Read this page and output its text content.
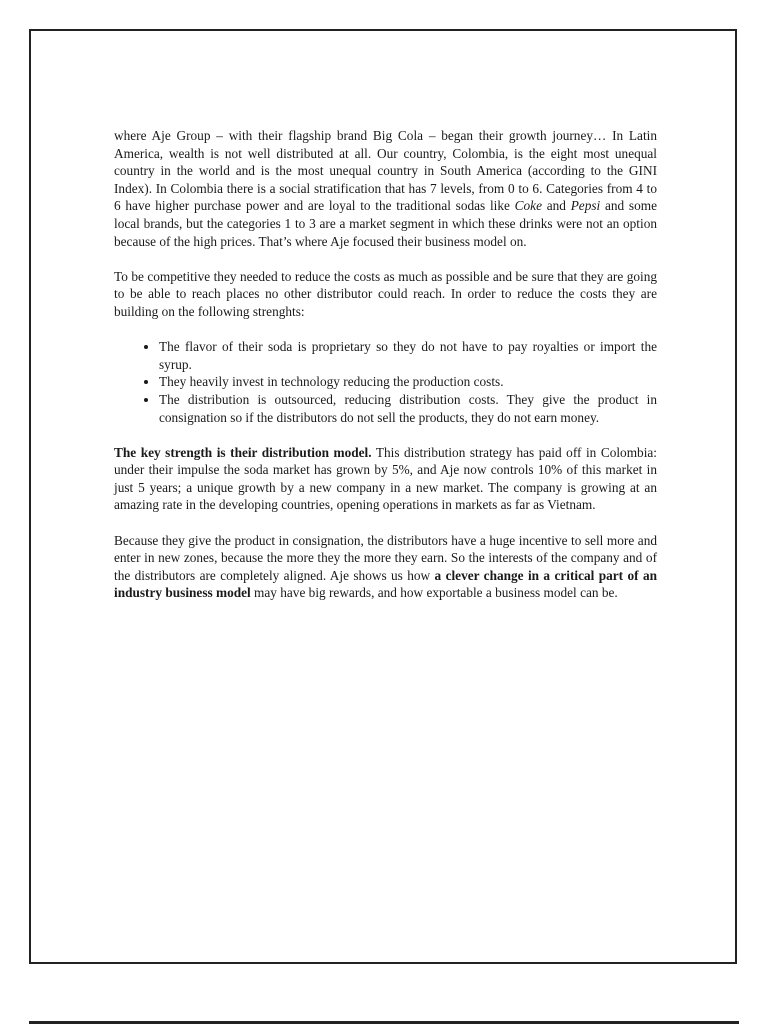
where Aje Group – with their flagship brand Big Cola – began their growth journey… In Latin America, wealth is not well distributed at all. Our country, Colombia, is the eight most unequal country in the world and is the most unequal country in South America (according to the GINI Index). In Colombia there is a social stratification that has 7 levels, from 0 to 6. Categories from 4 to 6 have higher purchase power and are loyal to the traditional sodas like Coke and Pepsi and some local brands, but the categories 1 to 3 are a market segment in which these drinks were not an option because of the high prices. That’s where Aje focused their business model on.

To be competitive they needed to reduce the costs as much as possible and be sure that they are going to be able to reach places no other distributor could reach. In order to reduce the costs they are building on the following strenghts:

• The flavor of their soda is proprietary so they do not have to pay royalties or import the syrup.
• They heavily invest in technology reducing the production costs.
• The distribution is outsourced, reducing distribution costs. They give the product in consignation so if the distributors do not sell the products, they do not earn money.

The key strength is their distribution model. This distribution strategy has paid off in Colombia: under their impulse the soda market has grown by 5%, and Aje now controls 10% of this market in just 5 years; a unique growth by a new company in a new market. The company is growing at an amazing rate in the developing countries, opening operations in markets as far as Vietnam.

Because they give the product in consignation, the distributors have a huge incentive to sell more and enter in new zones, because the more they the more they earn. So the interests of the company and of the distributors are completely aligned. Aje shows us how a clever change in a critical part of an industry business model may have big rewards, and how exportable a business model can be.
